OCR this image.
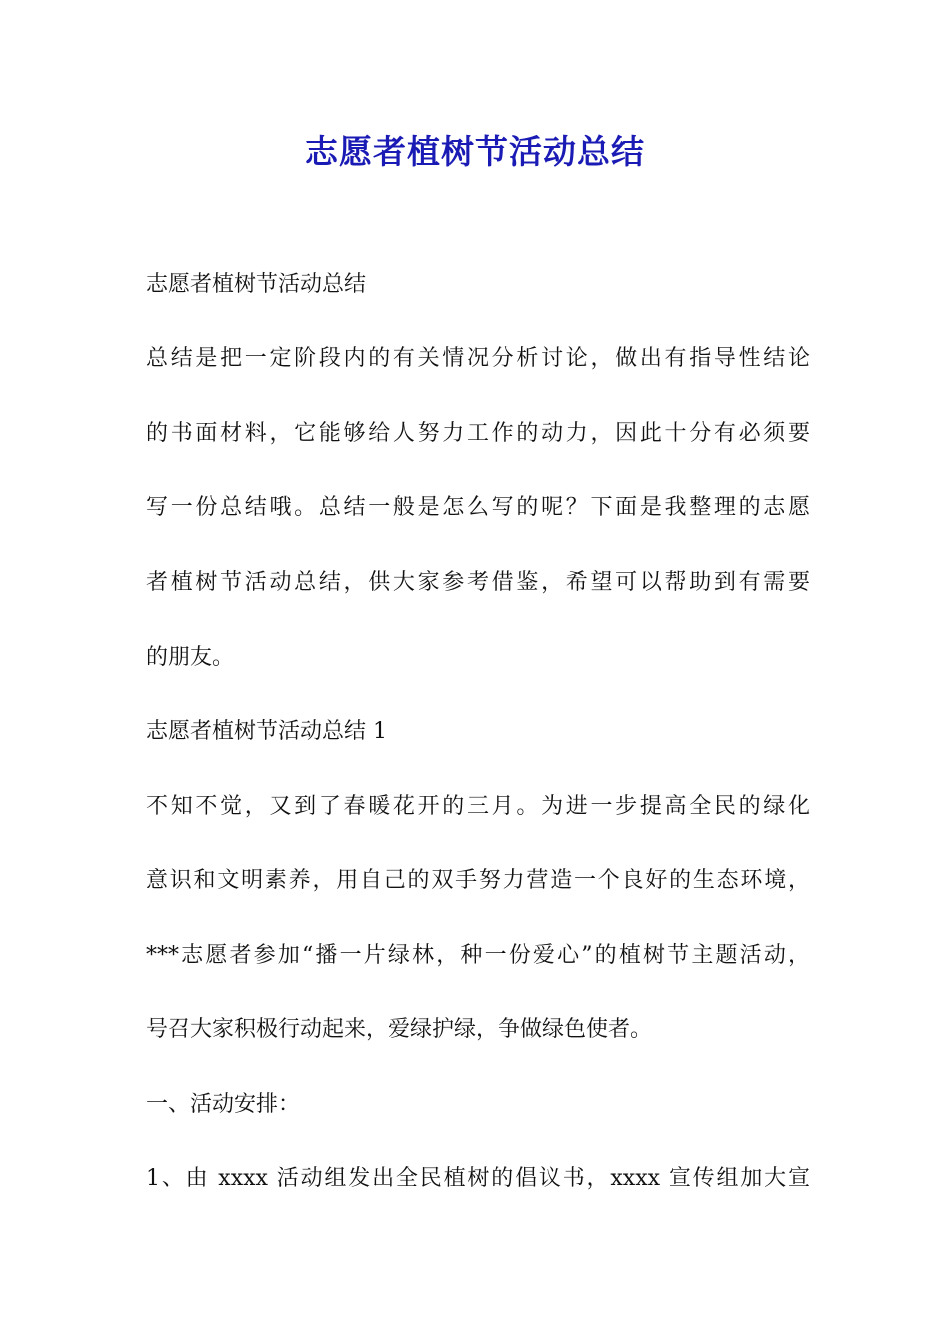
志愿者植树节活动总结
志愿者植树节活动总结
总结是把一定阶段内的有关情况分析讨论，做出有指导性结论
的书面材料，它能够给人努力工作的动力，因此十分有必须要
写一份总结哦。总结一般是怎么写的呢？下面是我整理的志愿
者植树节活动总结，供大家参考借鉴，希望可以帮助到有需要
的朋友。
志愿者植树节活动总结 1
不知不觉，又到了春暖花开的三月。为进一步提高全民的绿化
意识和文明素养，用自己的双手努力营造一个良好的生态环境，
***志愿者参加“播一片绿林，种一份爱心”的植树节主题活动，
号召大家积极行动起来，爱绿护绿，争做绿色使者。
一、活动安排：
1、由 xxxx 活动组发出全民植树的倡议书，xxxx 宣传组加大宣
